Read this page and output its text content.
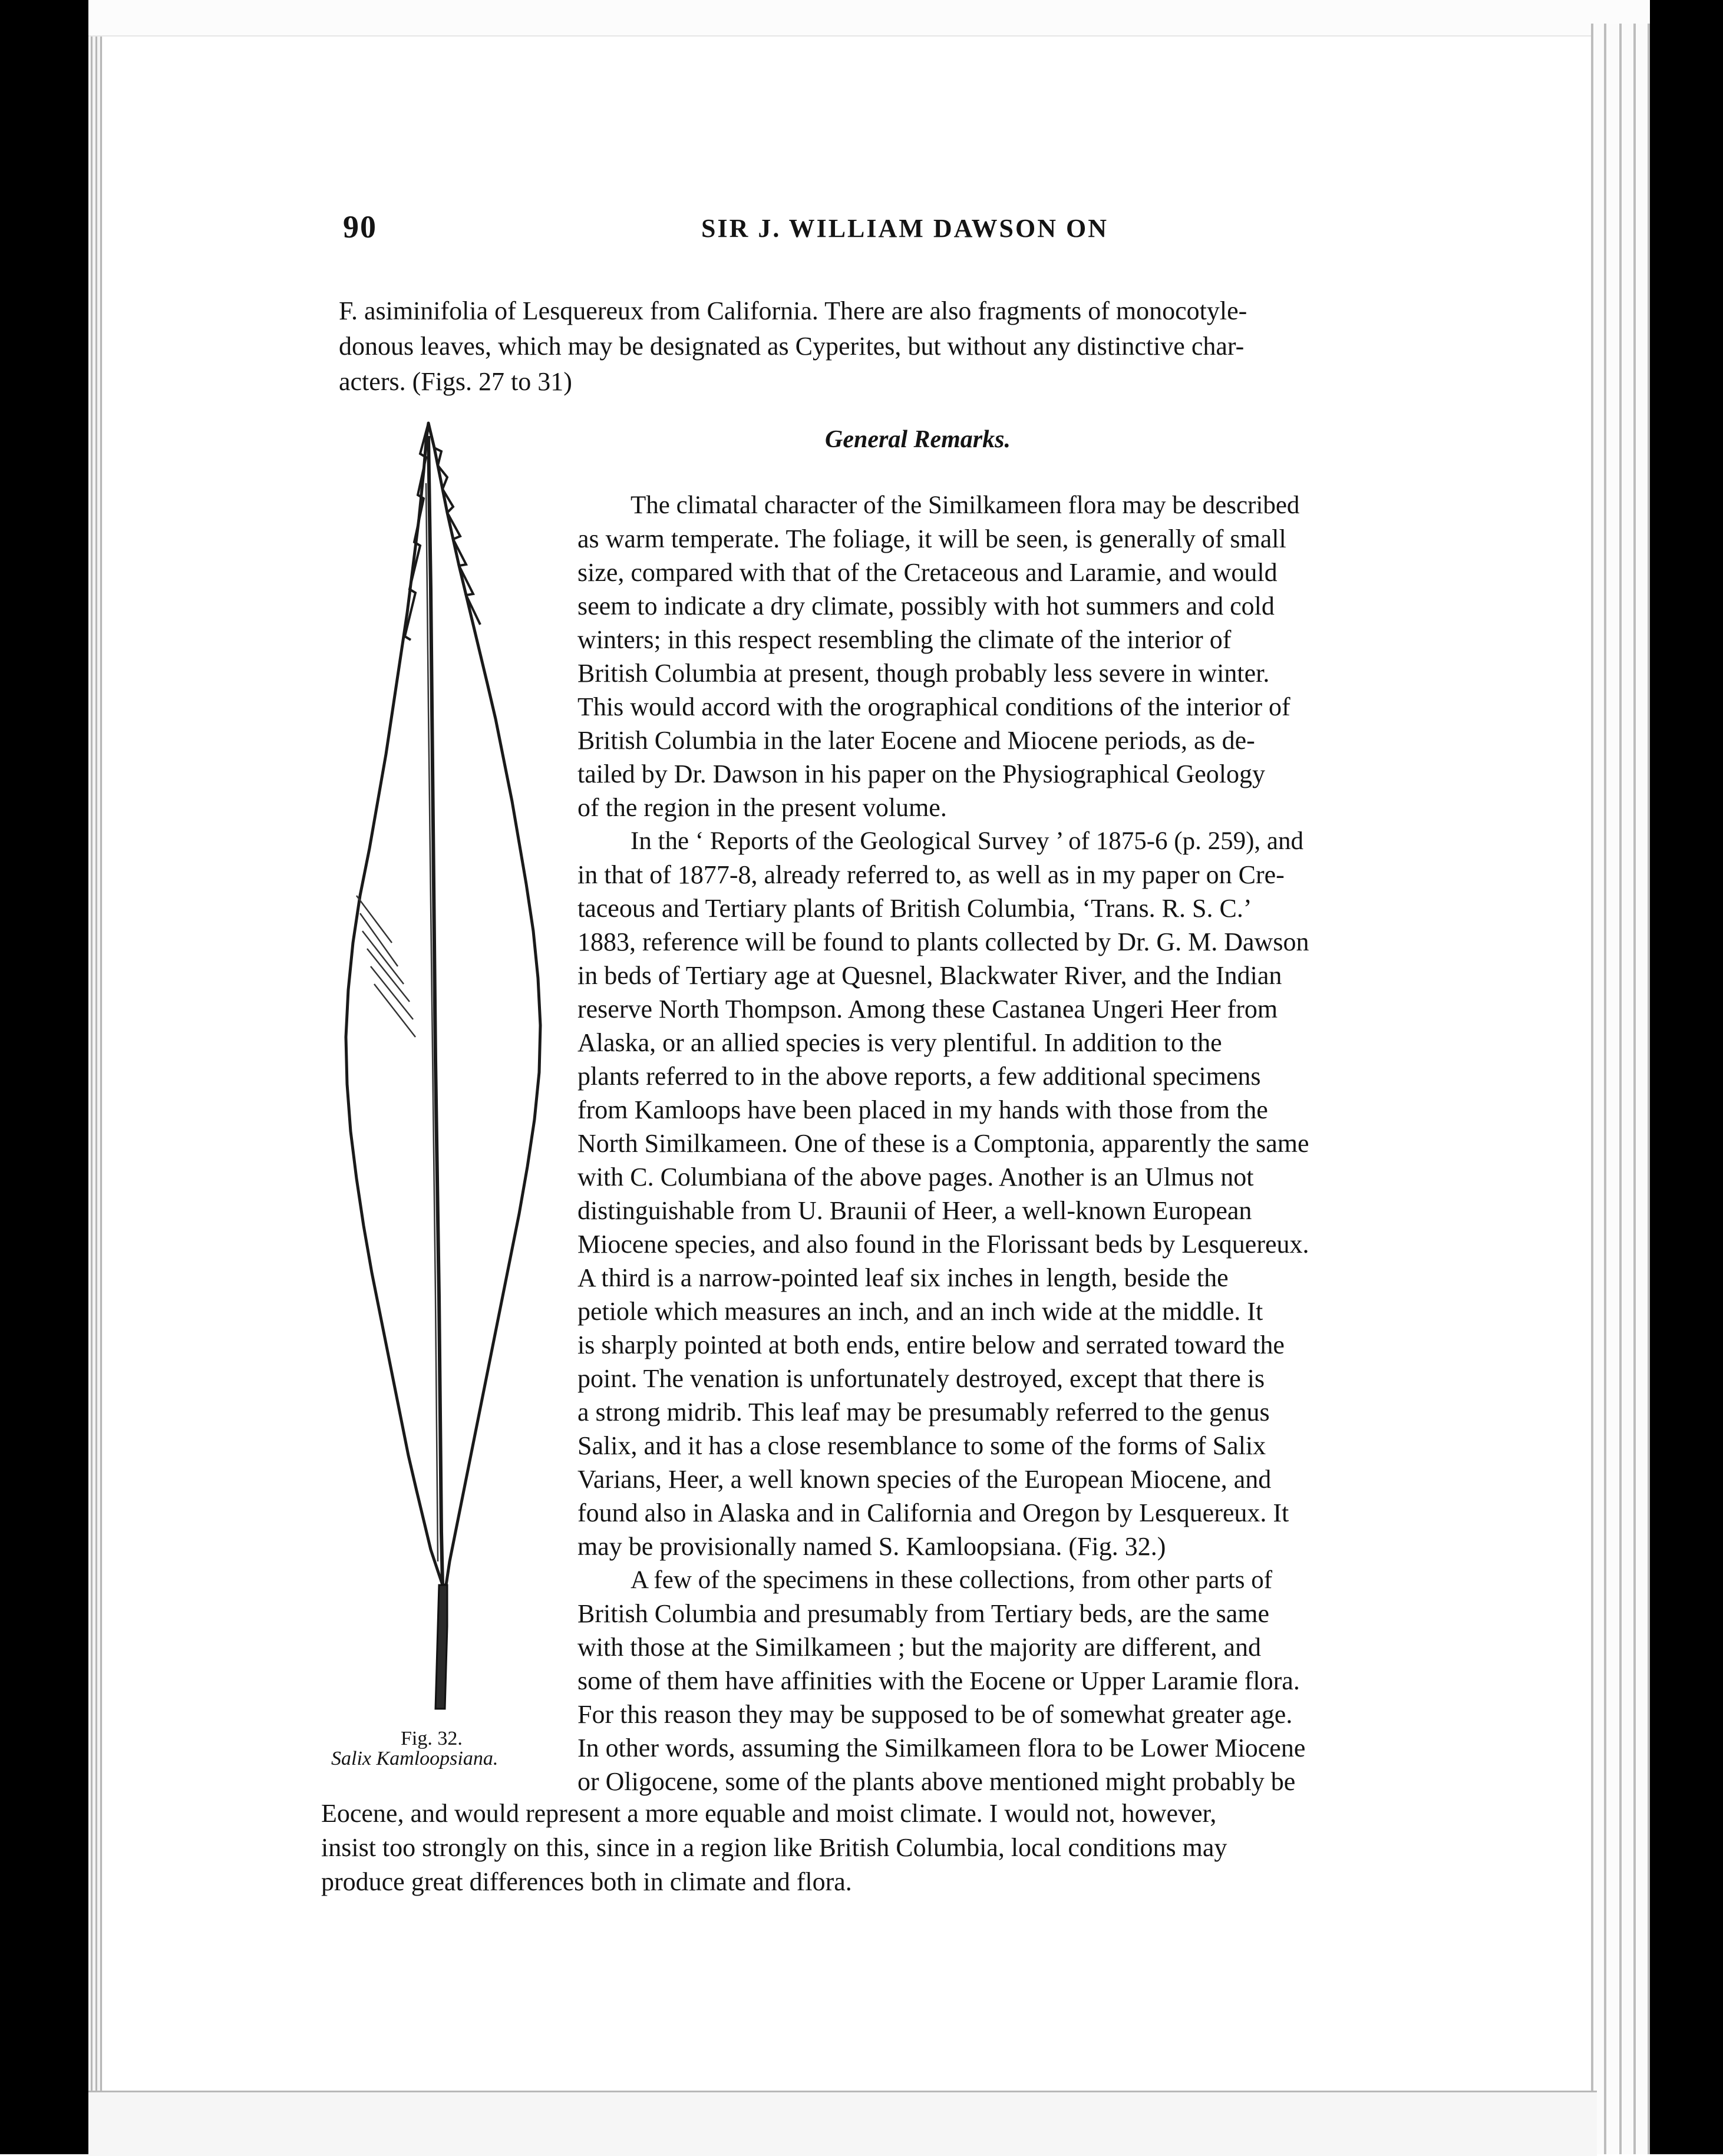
90	SIR J. WILLIAM DAWSON ON
F. asiminifolia of Lesquereux from California. There are also fragments of monocotyle-
donous leaves, which may be designated as Cyperites, but without any distinctive char-
acters. (Figs. 27 to 31)
General Remarks.
The climatal character of the Similkameen flora may be described
as warm temperate. The foliage, it will be seen, is generally of small
size, compared with that of the Cretaceous and Laramie, and would
seem to indicate a dry climate, possibly with hot summers and cold
winters; in this respect resembling the climate of the interior of
British Columbia at present, though probably less severe in winter.
This would accord with the orographical conditions of the interior of
British Columbia in the later Eocene and Miocene periods, as de-
tailed by Dr. Dawson in his paper on the Physiographical Geology
of the region in the present volume.
In the ‘ Reports of the Geological Survey ’ of 1875-6 (p. 259), and
in that of 1877-8, already referred to, as well as in my paper on Cre-
taceous and Tertiary plants of British Columbia, ‘Trans. R. S. C.’
1883, reference will be found to plants collected by Dr. G. M. Dawson
in beds of Tertiary age at Quesnel, Blackwater River, and the Indian
reserve North Thompson. Among these Castanea Ungeri Heer from
Alaska, or an allied species is very plentiful. In addition to the
plants referred to in the above reports, a few additional specimens
from Kamloops have been placed in my hands with those from the
North Similkameen. One of these is a Comptonia, apparently the same
with C. Columbiana of the above pages. Another is an Ulmus not
distinguishable from U. Braunii of Heer, a well-known European
Miocene species, and also found in the Florissant beds by Lesquereux.
A third is a narrow-pointed leaf six inches in length, beside the
petiole which measures an inch, and an inch wide at the middle. It
is sharply pointed at both ends, entire below and serrated toward the
point. The venation is unfortunately destroyed, except that there is
a strong midrib. This leaf may be presumably referred to the genus
Salix, and it has a close resemblance to some of the forms of Salix
Varians, Heer, a well known species of the European Miocene, and
found also in Alaska and in California and Oregon by Lesquereux. It
may be provisionally named S. Kamloopsiana. (Fig. 32.)
A few of the specimens in these collections, from other parts of
British Columbia and presumably from Tertiary beds, are the same
with those at the Similkameen ; but the majority are different, and
some of them have affinities with the Eocene or Upper Laramie flora.
For this reason they may be supposed to be of somewhat greater age.
In other words, assuming the Similkameen flora to be Lower Miocene
or Oligocene, some of the plants above mentioned might probably be
Eocene, and would represent a more equable and moist climate. I would not, however,
insist too strongly on this, since in a region like British Columbia, local conditions may
produce great differences both in climate and flora.
Fig. 32.
Salix Kamloopsiana.
